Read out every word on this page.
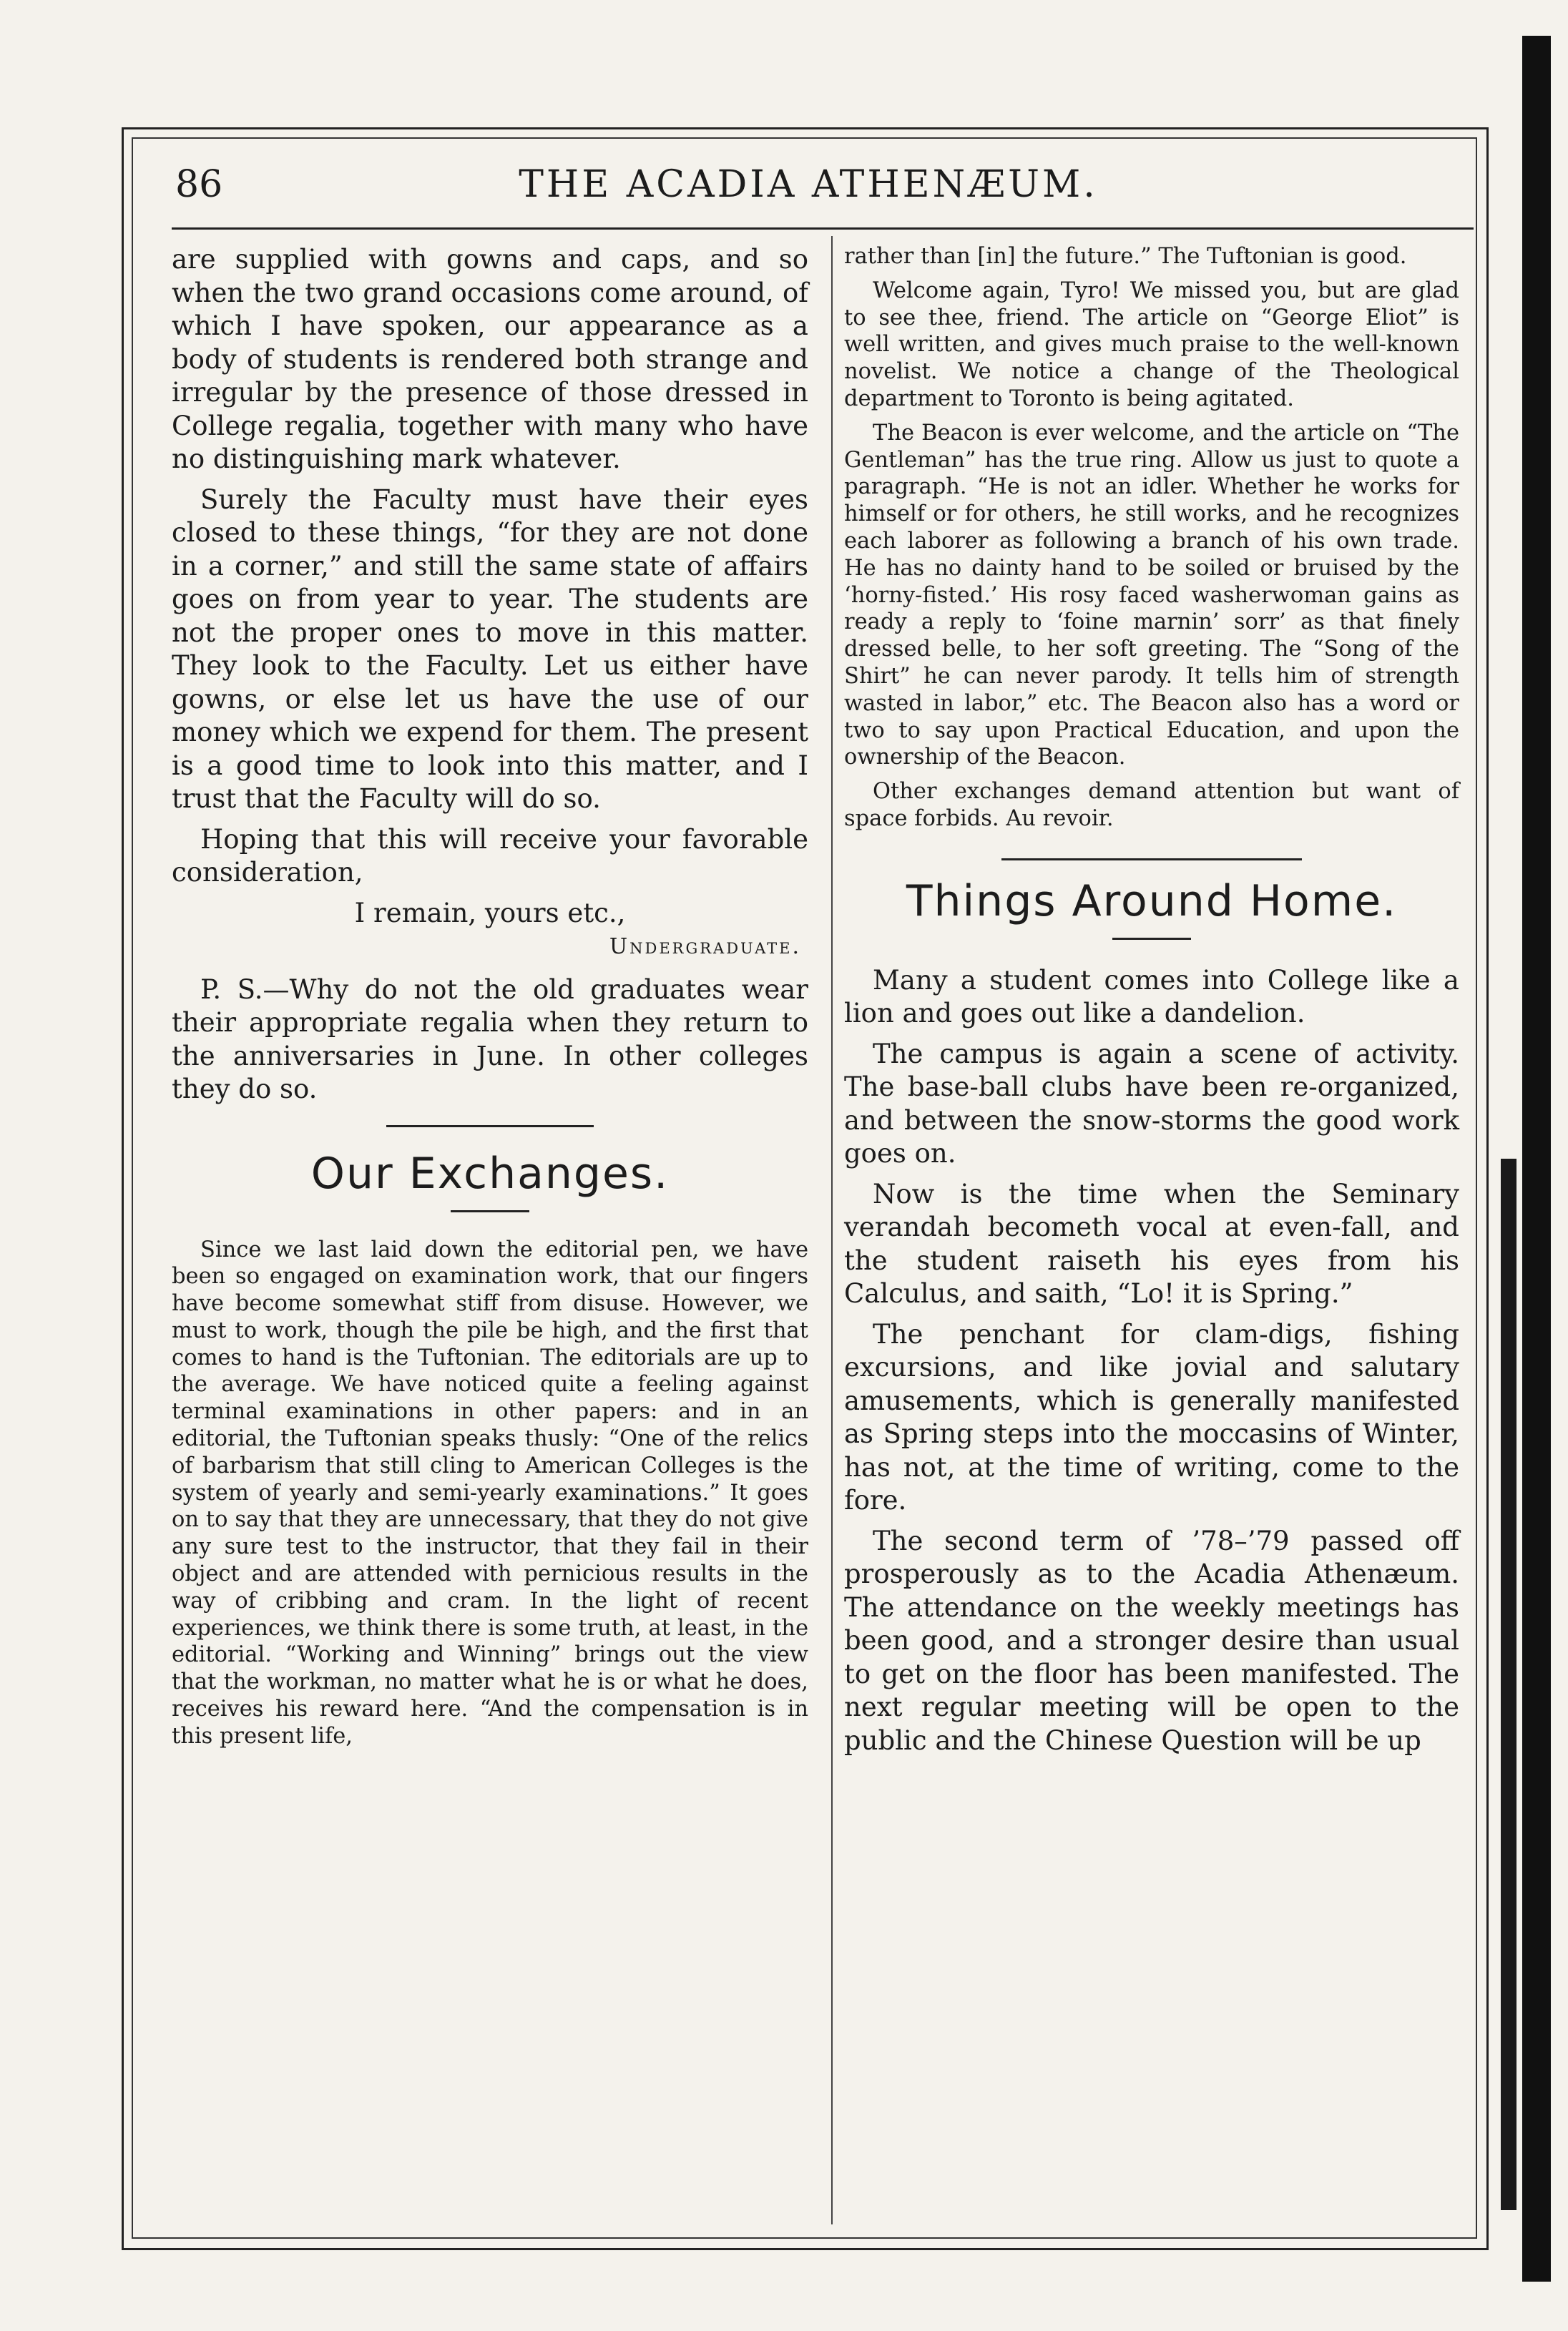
86	THE ACADIA ATHENÆUM.

are supplied with gowns and caps, and so when the two grand occasions come around, of which I have spoken, our appearance as a body of students is rendered both strange and irregular by the presence of those dressed in College regalia, together with many who have no distinguishing mark whatever.

Surely the Faculty must have their eyes closed to these things, “for they are not done in a corner,” and still the same state of affairs goes on from year to year. The students are not the proper ones to move in this matter. They look to the Faculty. Let us either have gowns, or else let us have the use of our money which we expend for them. The present is a good time to look into this matter, and I trust that the Faculty will do so.

Hoping that this will receive your favorable consideration,

I remain, yours etc.,
Undergraduate.

P. S.—Why do not the old graduates wear their appropriate regalia when they return to the anniversaries in June. In other colleges they do so.

Our Exchanges.

Since we last laid down the editorial pen, we have been so engaged on examination work, that our fingers have become somewhat stiff from disuse. However, we must to work, though the pile be high, and the first that comes to hand is the Tuftonian. The editorials are up to the average. We have noticed quite a feeling against terminal examinations in other papers: and in an editorial, the Tuftonian speaks thusly: “One of the relics of barbarism that still cling to American Colleges is the system of yearly and semi-yearly examinations.” It goes on to say that they are unnecessary, that they do not give any sure test to the instructor, that they fail in their object and are attended with pernicious results in the way of cribbing and cram. In the light of recent experiences, we think there is some truth, at least, in the editorial. “Working and Winning” brings out the view that the workman, no matter what he is or what he does, receives his reward here. “And the compensation is in this present life,

rather than [in] the future.” The Tuftonian is good.

Welcome again, Tyro! We missed you, but are glad to see thee, friend. The article on “George Eliot” is well written, and gives much praise to the well-known novelist. We notice a change of the Theological department to Toronto is being agitated.

The Beacon is ever welcome, and the article on “The Gentleman” has the true ring. Allow us just to quote a paragraph. “He is not an idler. Whether he works for himself or for others, he still works, and he recognizes each laborer as following a branch of his own trade. He has no dainty hand to be soiled or bruised by the ‘horny-fisted.’ His rosy faced washerwoman gains as ready a reply to ‘foine marnin’ sorr’ as that finely dressed belle, to her soft greeting. The “Song of the Shirt” he can never parody. It tells him of strength wasted in labor,” etc. The Beacon also has a word or two to say upon Practical Education, and upon the ownership of the Beacon.

Other exchanges demand attention but want of space forbids. Au revoir.

Things Around Home.

Many a student comes into College like a lion and goes out like a dandelion.

The campus is again a scene of activity. The base-ball clubs have been re-organized, and between the snow-storms the good work goes on.

Now is the time when the Seminary verandah becometh vocal at even-fall, and the student raiseth his eyes from his Calculus, and saith, “Lo! it is Spring.”

The penchant for clam-digs, fishing excursions, and like jovial and salutary amusements, which is generally manifested as Spring steps into the moccasins of Winter, has not, at the time of writing, come to the fore.

The second term of ’78–’79 passed off prosperously as to the Acadia Athenæum. The attendance on the weekly meetings has been good, and a stronger desire than usual to get on the floor has been manifested. The next regular meeting will be open to the public and the Chinese Question will be up
